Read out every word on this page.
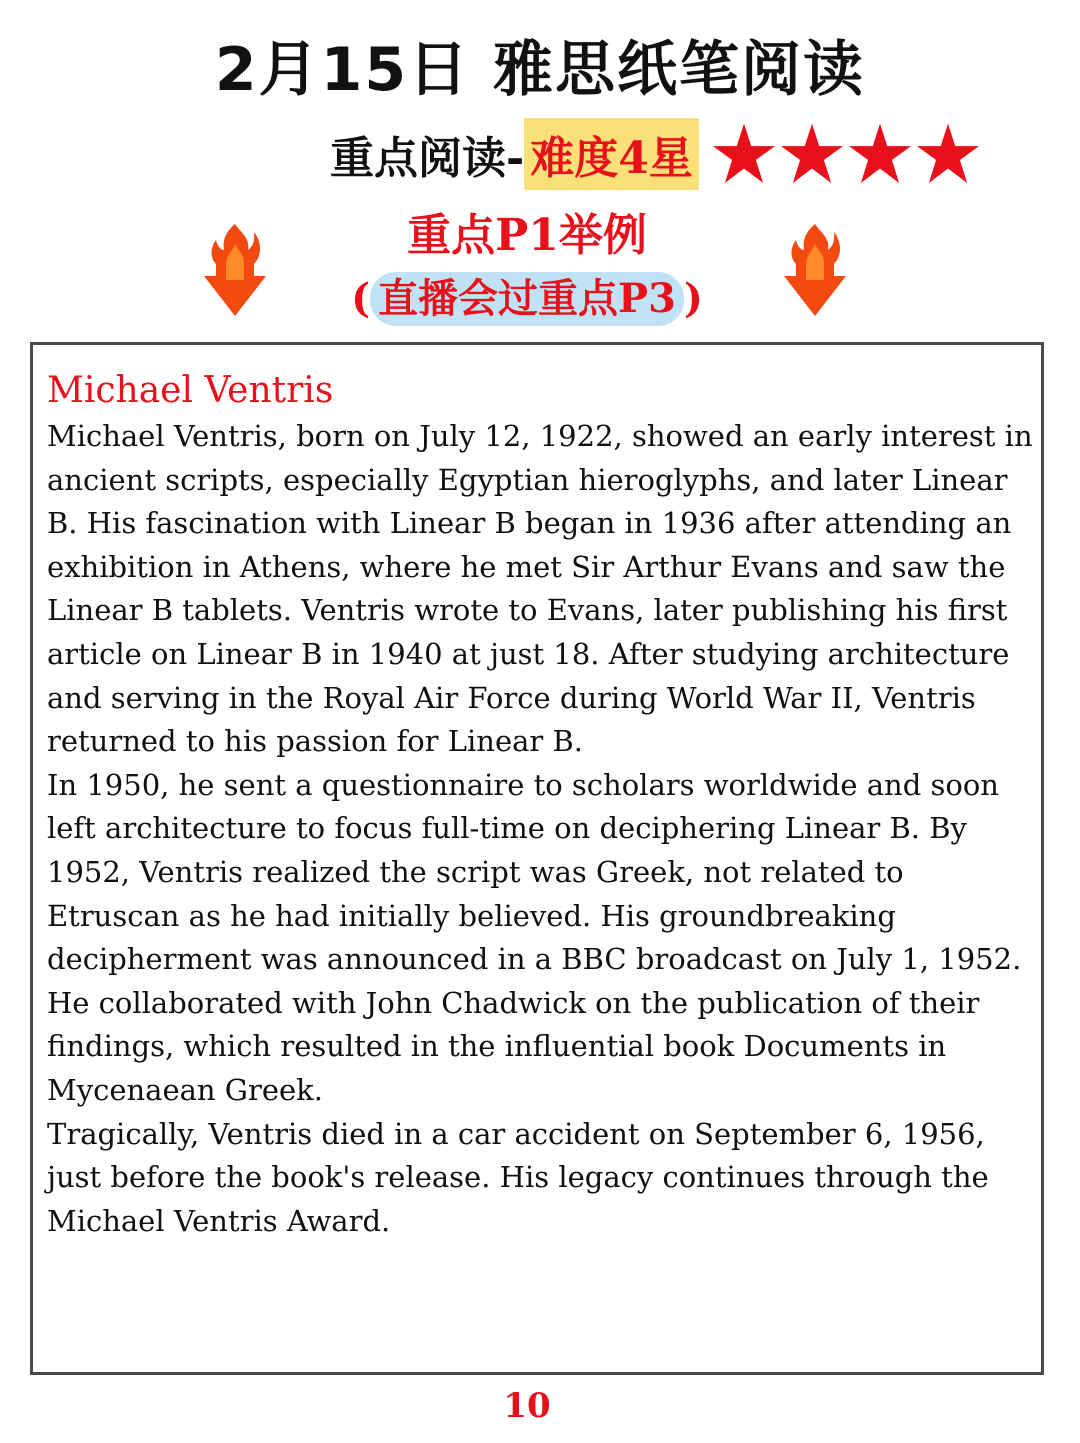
2月15日 雅思纸笔阅读
重点阅读- 难度4星
重点P1举例
( 直播会过重点P3 )
Michael Ventris

Michael Ventris, born on July 12, 1922, showed an early interest in ancient scripts, especially Egyptian hieroglyphs, and later Linear B. His fascination with Linear B began in 1936 after attending an exhibition in Athens, where he met Sir Arthur Evans and saw the Linear B tablets. Ventris wrote to Evans, later publishing his first article on Linear B in 1940 at just 18. After studying architecture and serving in the Royal Air Force during World War II, Ventris returned to his passion for Linear B.

In 1950, he sent a questionnaire to scholars worldwide and soon left architecture to focus full-time on deciphering Linear B. By 1952, Ventris realized the script was Greek, not related to Etruscan as he had initially believed. His groundbreaking decipherment was announced in a BBC broadcast on July 1, 1952. He collaborated with John Chadwick on the publication of their findings, which resulted in the influential book Documents in Mycenaean Greek.

Tragically, Ventris died in a car accident on September 6, 1956, just before the book's release. His legacy continues through the Michael Ventris Award.

10
